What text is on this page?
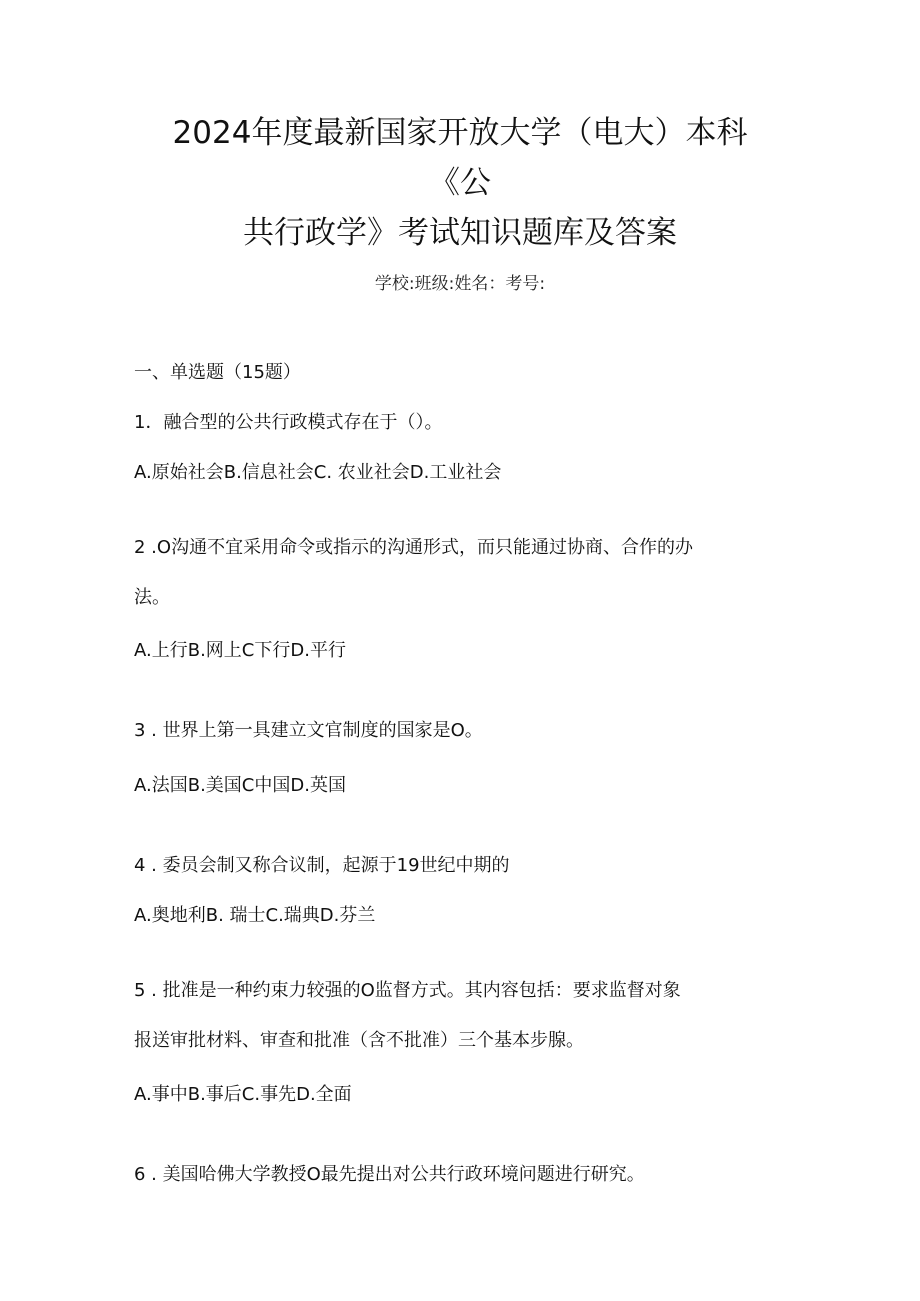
2024年度最新国家开放大学（电大）本科
《公
共行政学》考试知识题库及答案
学校:班级:姓名：考号:
一、单选题（15题）
1．融合型的公共行政模式存在于（）。
A.原始社会B.信息社会C. 农业社会D.工业社会
2 .O沟通不宜采用命令或指示的沟通形式，而只能通过协商、合作的办
法。
A.上行B.网上C下行D.平行
3 . 世界上第一具建立文官制度的国家是O。
A.法国B.美国C中国D.英国
4 . 委员会制又称合议制，起源于19世纪中期的
A.奥地利B. 瑞士C.瑞典D.芬兰
5 . 批准是一种约束力较强的O监督方式。其内容包括：要求监督对象
报送审批材料、审查和批准（含不批准）三个基本步腺。
A.事中B.事后C.事先D.全面
6 . 美国哈佛大学教授O最先提出对公共行政环境问题进行研究。
